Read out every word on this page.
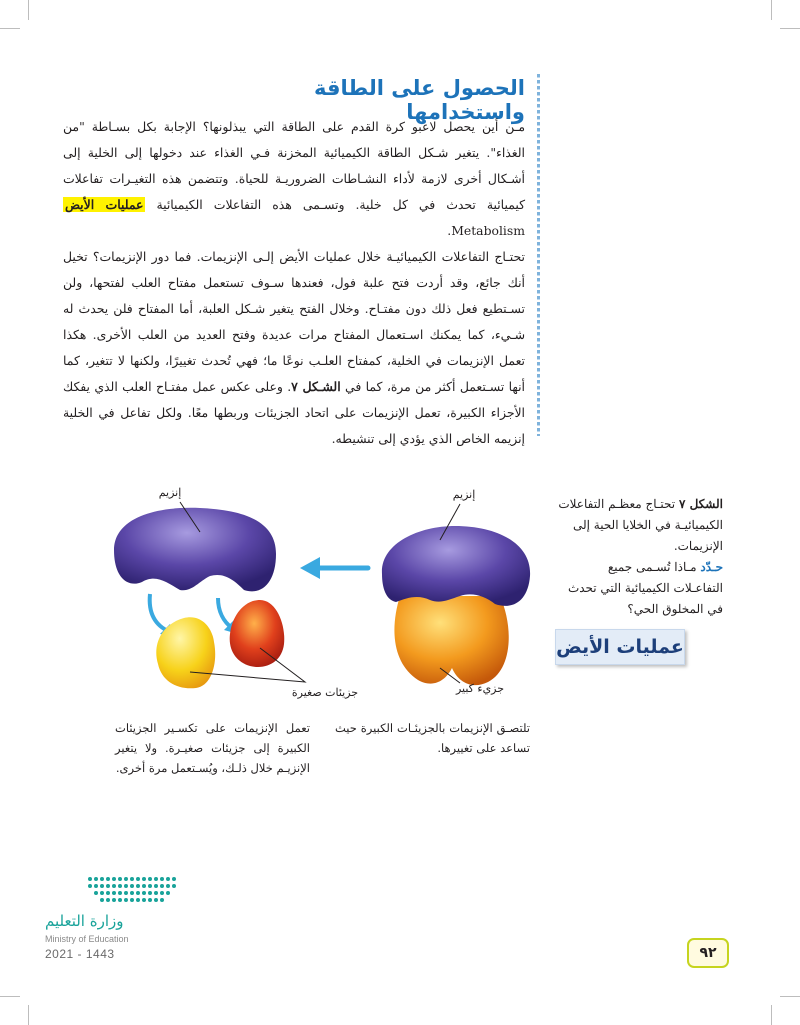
الحصول على الطاقة واستخدامها

مـن أين يحصل لاعبو كرة القدم على الطاقة التي يبذلونها؟ الإجابة بكل بسـاطة "من الغذاء". يتغير شـكل الطاقة الكيميائية المخزنة فـي الغذاء عند دخولها إلى الخلية إلى أشـكال أخرى لازمة لأداء النشـاطات الضروريـة للحياة. وتتضمن هذه التغيـرات تفاعلات كيميائية تحدث في كل خلية. وتسـمى هذه التفاعلات الكيميائية عمليات الأيض Metabolism.

تحتـاج التفاعلات الكيميائيـة خلال عمليات الأيض إلـى الإنزيمات. فما دور الإنزيمات؟ تخيل أنك جائع، وقد أردت فتح علبة فول، فعندها سـوف تستعمل مفتاح العلب لفتحها، ولن تسـتطيع فعل ذلك دون مفتـاح. وخلال الفتح يتغير شـكل العلبة، أما المفتاح فلن يحدث له شـيء، كما يمكنك اسـتعمال المفتاح مرات عديدة وفتح العديد من العلب الأخرى. هكذا تعمل الإنزيمات في الخلية، كمفتاح العلـب نوعًا ما؛ فهي تُحدث تغييرًا، ولكنها لا تتغير، كما أنها تسـتعمل أكثر من مرة، كما في الشـكل ٧. وعلى عكس عمل مفتـاح العلب الذي يفكك الأجزاء الكبيرة، تعمل الإنزيمات على اتحاد الجزيئات وربطها معًا. ولكل تفاعل في الخلية إنزيمه الخاص الذي يؤدي إلى تنشيطه.

الشكل ٧ تحتـاج معظـم التفاعلات الكيميائيـة في الخلايا الحية إلى الإنزيمات.
حـدّد مـاذا تُسـمى جميع التفاعـلات الكيميائية التي تحدث في المخلوق الحي؟
عمليات الأيض
إنزيم
إنزيم
جزيء كبير
جزيئات صغيرة
تلتصـق الإنزيمات بالجزيئـات الكبيرة حيث تساعد على تغييرها.
تعمل الإنزيمات على تكسـير الجزيئات الكبيرة إلى جزيئات صغيـرة. ولا يتغير الإنزيـم خلال ذلـك، ويُسـتعمل مرة أخرى.
وزارة التعليم
Ministry of Education
2021 - 1443	٩٢
